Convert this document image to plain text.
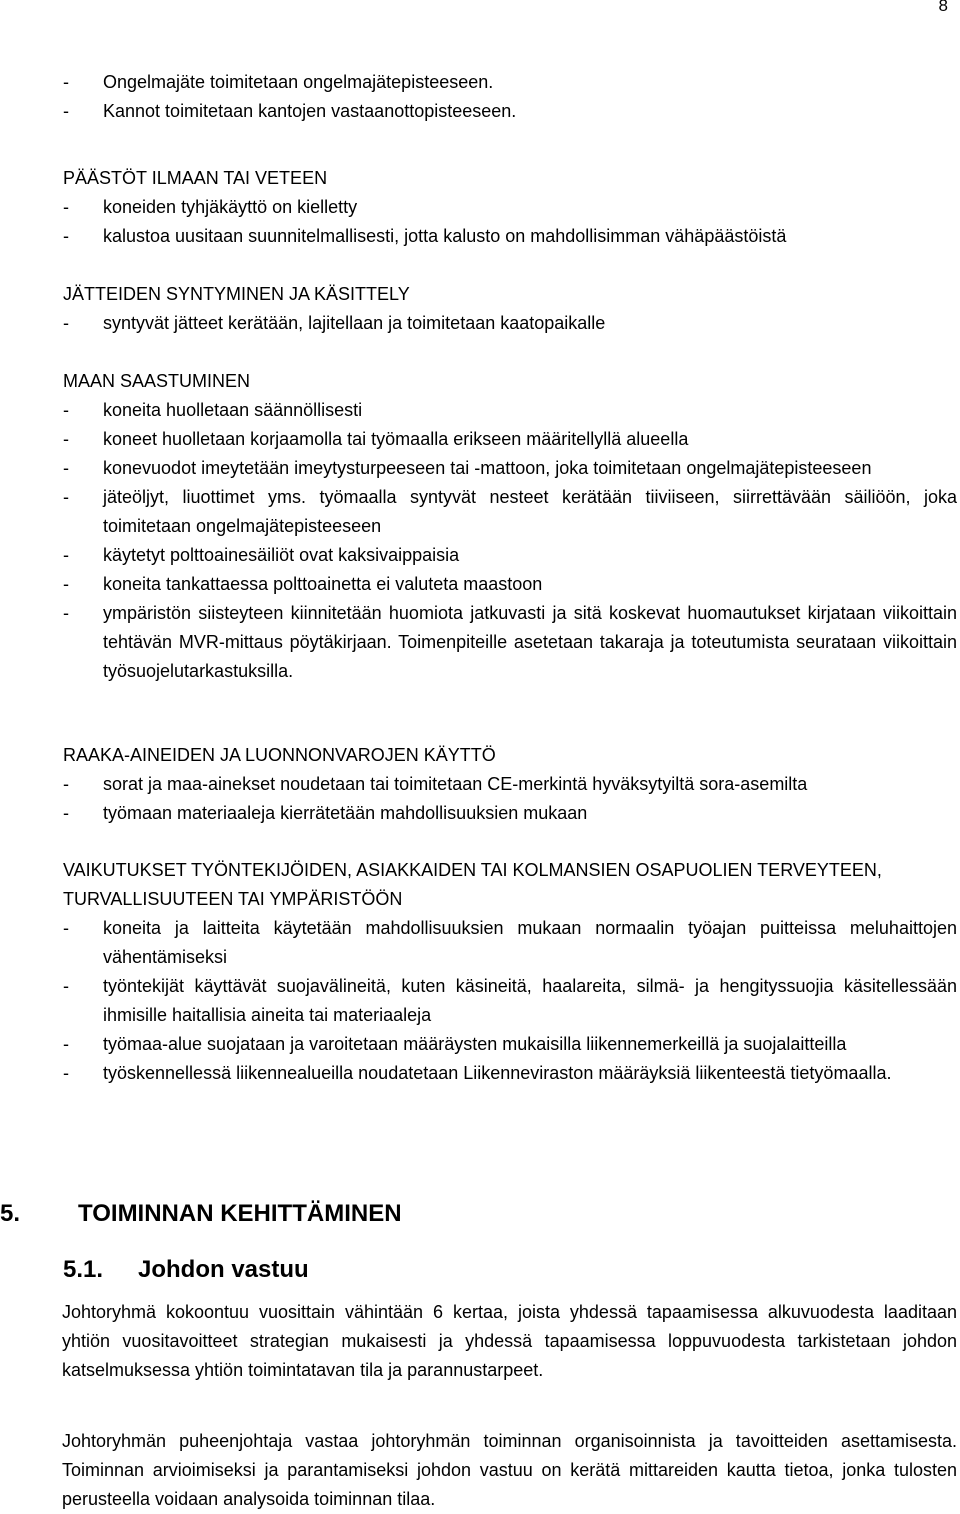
8
- Ongelmajäte toimitetaan ongelmajätepisteeseen.
- Kannot toimitetaan kantojen vastaanottopisteeseen.
PÄÄSTÖT ILMAAN TAI VETEEN
- koneiden tyhjäkäyttö on kielletty
- kalustoa uusitaan suunnitelmallisesti, jotta kalusto on mahdollisimman vähäpäästöistä
JÄTTEIDEN SYNTYMINEN JA KÄSITTELY
- syntyvät jätteet kerätään, lajitellaan ja toimitetaan kaatopaikalle
MAAN SAASTUMINEN
- koneita huolletaan säännöllisesti
- koneet huolletaan korjaamolla tai työmaalla erikseen määritellyllä alueella
- konevuodot imeytetään imeytysturpeeseen tai -mattoon, joka toimitetaan ongelmajätepisteeseen
- jäteöljyt, liuottimet yms. työmaalla syntyvät nesteet kerätään tiiviiseen, siirrettävään säiliöön, joka toimitetaan ongelmajätepisteeseen
- käytetyt polttoainesäiliöt ovat kaksivaippaisia
- koneita tankattaessa polttoainetta ei valuteta maastoon
- ympäristön siisteyteen kiinnitetään huomiota jatkuvasti ja sitä koskevat huomautukset kirjataan viikoittain tehtävän MVR-mittaus pöytäkirjaan. Toimenpiteille asetetaan takaraja ja toteutumista seurataan viikoittain työsuojelutarkastuksilla.
RAAKA-AINEIDEN JA LUONNONVAROJEN KÄYTTÖ
- sorat ja maa-ainekset noudetaan tai toimitetaan CE-merkintä hyväksytyiltä sora-asemilta
- työmaan materiaaleja kierrätetään mahdollisuuksien mukaan
VAIKUTUKSET TYÖNTEKIJÖIDEN, ASIAKKAIDEN TAI KOLMANSIEN OSAPUOLIEN TERVEYTEEN, TURVALLISUUTEEN TAI YMPÄRISTÖÖN
- koneita ja laitteita käytetään mahdollisuuksien mukaan normaalin työajan puitteissa meluhaittojen vähentämiseksi
- työntekijät käyttävät suojavälineitä, kuten käsineitä, haalareita, silmä- ja hengityssuojia käsitellessään ihmisille haitallisia aineita tai materiaaleja
- työmaa-alue suojataan ja varoitetaan määräysten mukaisilla liikennemerkeillä ja suojalaitteilla
- työskennellessä liikennealueilla noudatetaan Liikenneviraston määräyksiä liikenteestä tietyömaalla.
5. TOIMINNAN KEHITTÄMINEN
5.1. Johdon vastuu
Johtoryhmä kokoontuu vuosittain vähintään 6 kertaa, joista yhdessä tapaamisessa alkuvuodesta laaditaan yhtiön vuositavoitteet strategian mukaisesti ja yhdessä tapaamisessa loppuvuodesta tarkistetaan johdon katselmuksessa yhtiön toimintatavan tila ja parannustarpeet.
Johtoryhmän puheenjohtaja vastaa johtoryhmän toiminnan organisoinnista ja tavoitteiden asettamisesta. Toiminnan arvioimiseksi ja parantamiseksi johdon vastuu on kerätä mittareiden kautta tietoa, jonka tulosten perusteella voidaan analysoida toiminnan tilaa.
